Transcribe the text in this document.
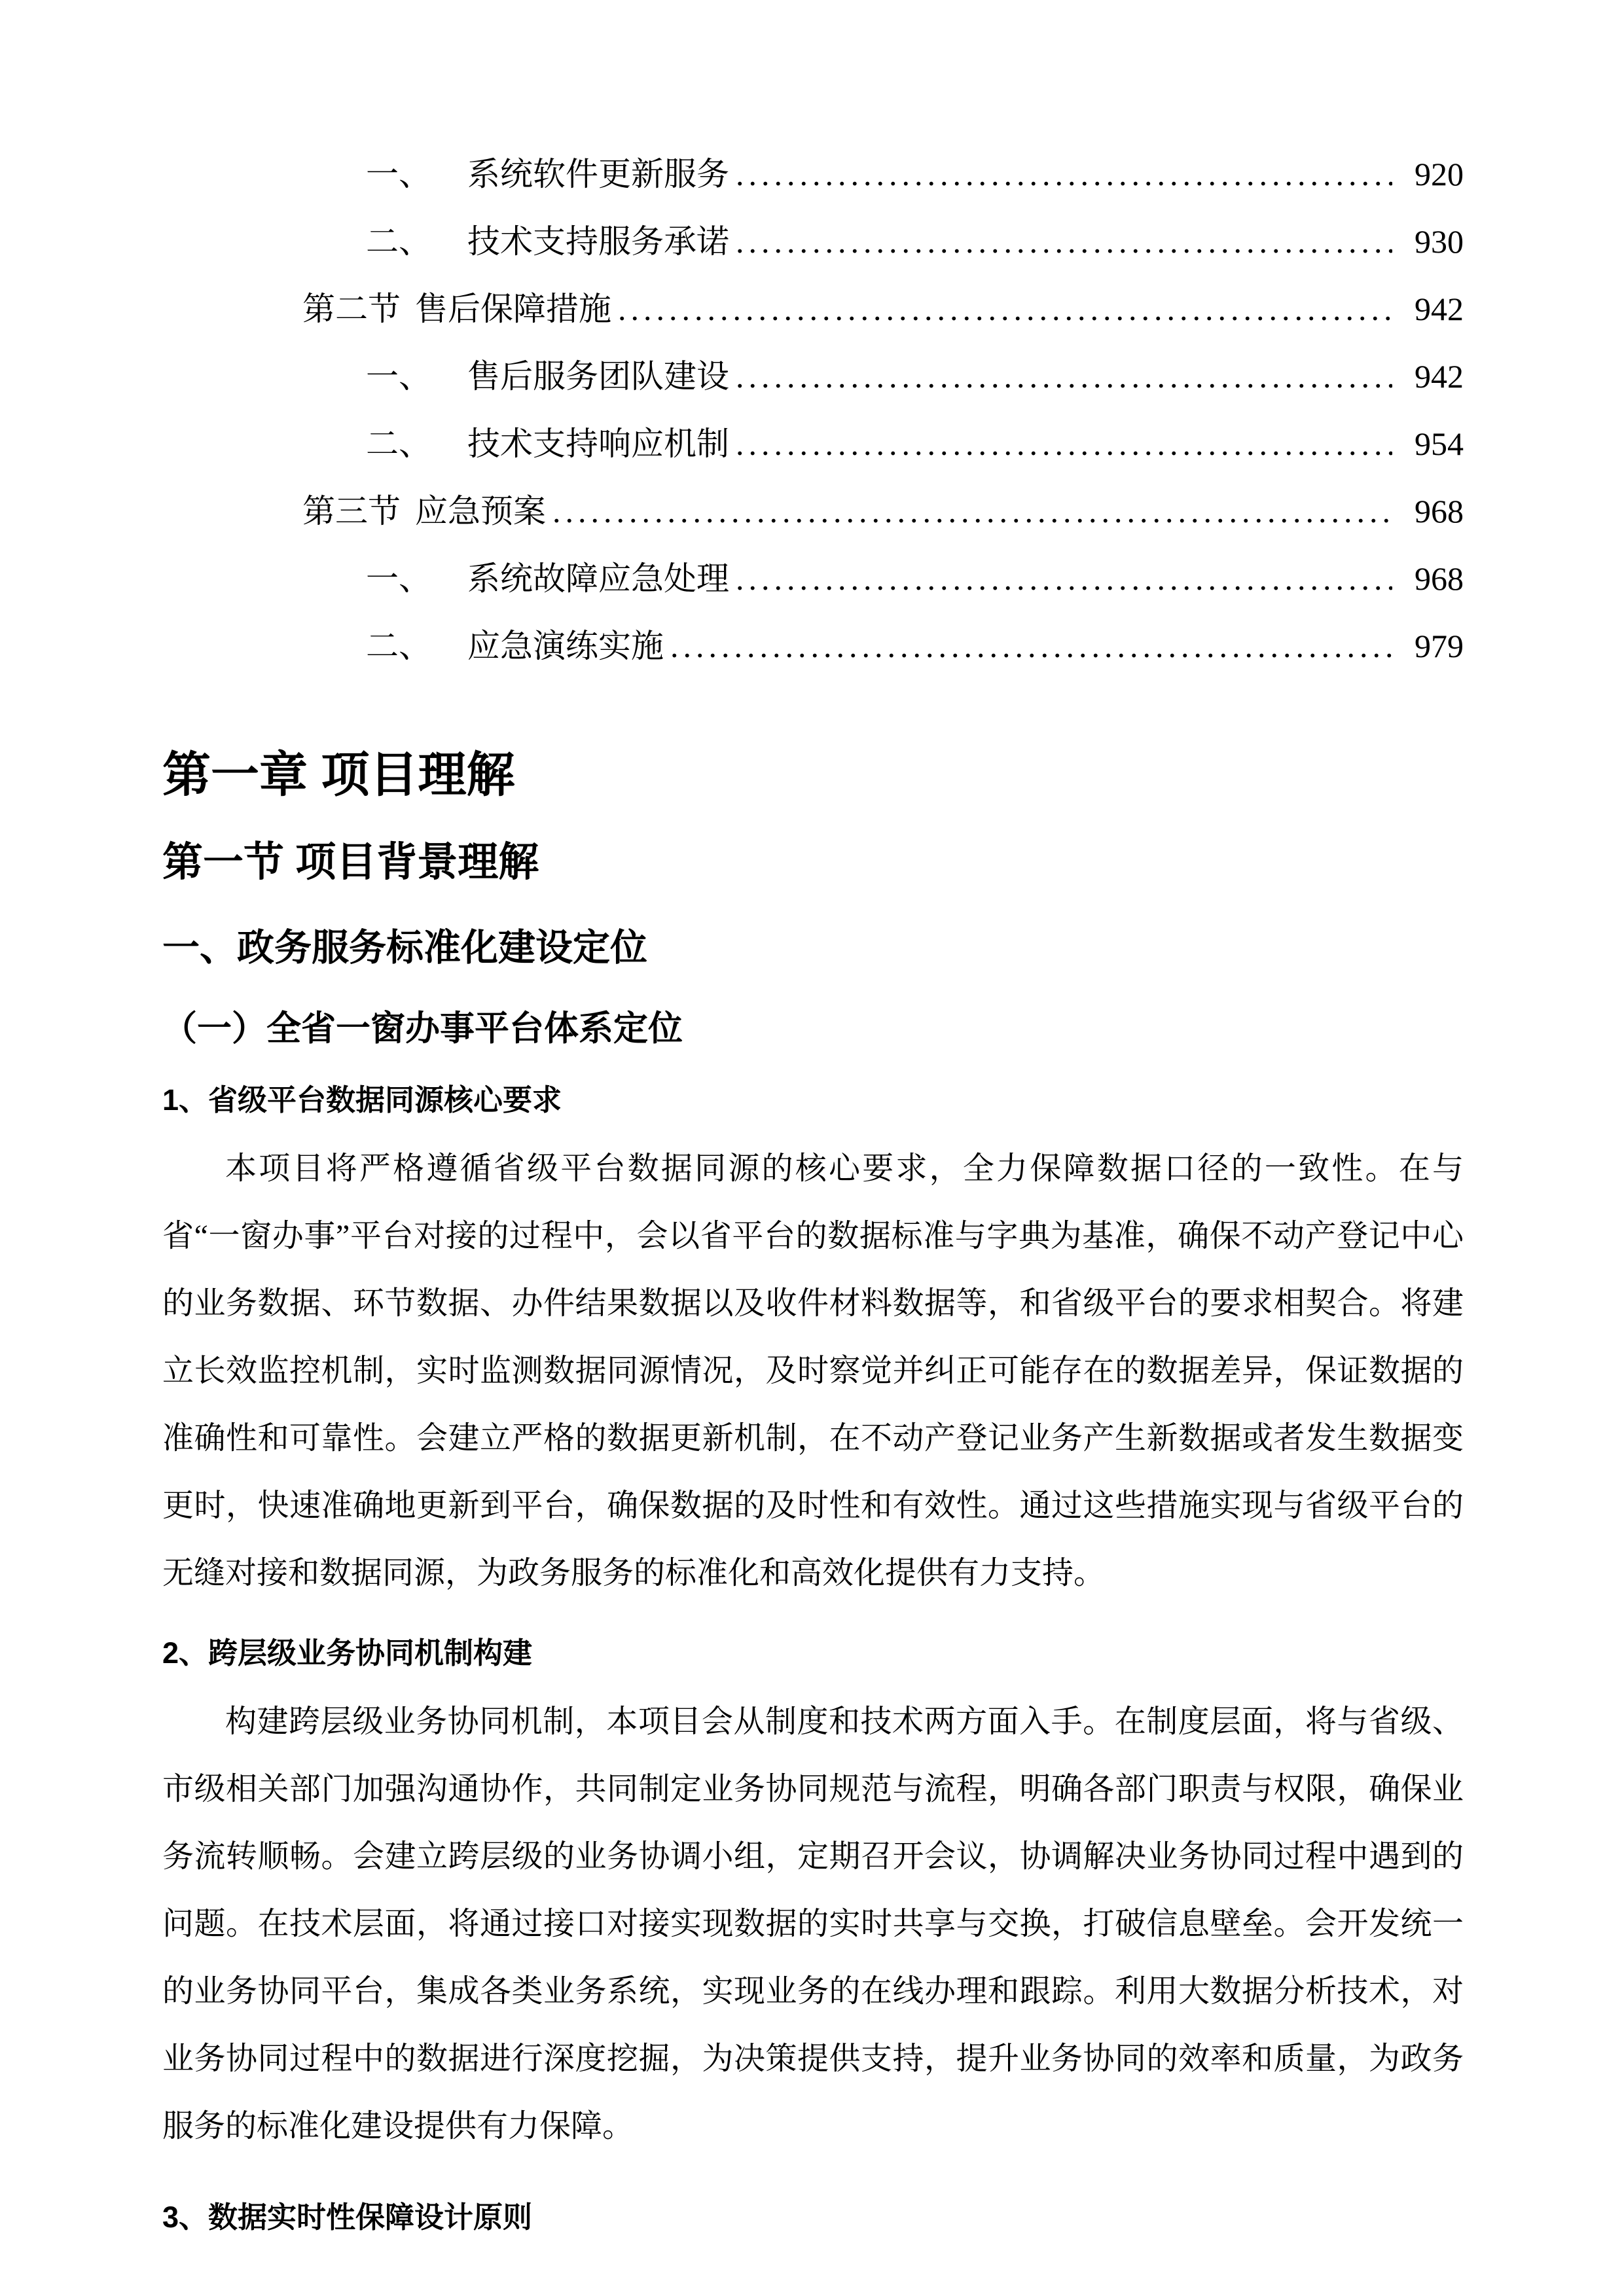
一、 系统软件更新服务 .....	920
二、 技术支持服务承诺 .....	930
第二节 售后保障措施 .....	942
一、 售后服务团队建设 .....	942
二、 技术支持响应机制 .....	954
第三节 应急预案 .....	968
一、 系统故障应急处理 .....	968
二、 应急演练实施 .....	979
第一章 项目理解
第一节 项目背景理解
一、政务服务标准化建设定位
（一）全省一窗办事平台体系定位
1、省级平台数据同源核心要求

本项目将严格遵循省级平台数据同源的核心要求，全力保障数据口径的一致性。在与省“一窗办事”平台对接的过程中，会以省平台的数据标准与字典为基准，确保不动产登记中心的业务数据、环节数据、办件结果数据以及收件材料数据等，和省级平台的要求相契合。将建立长效监控机制，实时监测数据同源情况，及时察觉并纠正可能存在的数据差异，保证数据的准确性和可靠性。会建立严格的数据更新机制，在不动产登记业务产生新数据或者发生数据变更时，快速准确地更新到平台，确保数据的及时性和有效性。通过这些措施实现与省级平台的无缝对接和数据同源，为政务服务的标准化和高效化提供有力支持。

2、跨层级业务协同机制构建

构建跨层级业务协同机制，本项目会从制度和技术两方面入手。在制度层面，将与省级、市级相关部门加强沟通协作，共同制定业务协同规范与流程，明确各部门职责与权限，确保业务流转顺畅。会建立跨层级的业务协调小组，定期召开会议，协调解决业务协同过程中遇到的问题。在技术层面，将通过接口对接实现数据的实时共享与交换，打破信息壁垒。会开发统一的业务协同平台，集成各类业务系统，实现业务的在线办理和跟踪。利用大数据分析技术，对业务协同过程中的数据进行深度挖掘，为决策提供支持，提升业务协同的效率和质量，为政务服务的标准化建设提供有力保障。

3、数据实时性保障设计原则
